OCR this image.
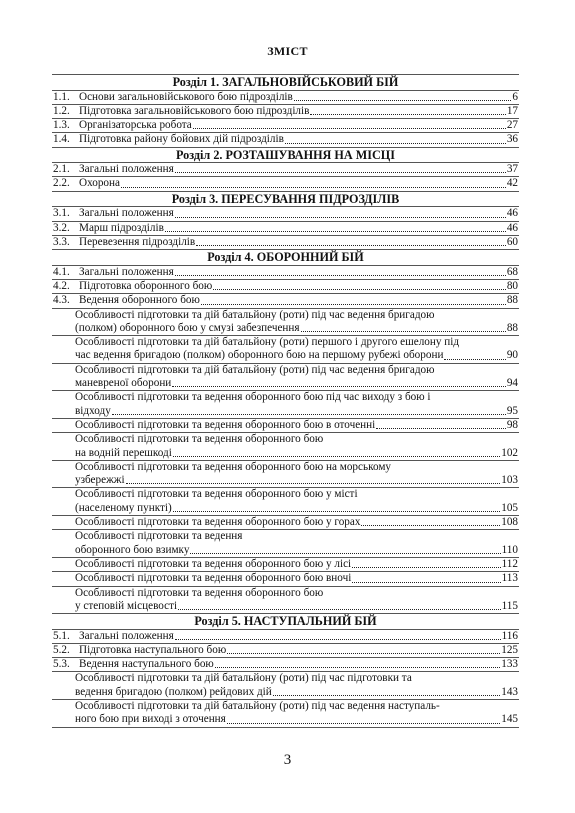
ЗМІСТ
Розділ 1. ЗАГАЛЬНОВІЙСЬКОВИЙ БІЙ

1.1. Основи загальновійськового бою підрозділів	6

1.2. Підготовка загальновійськового бою підрозділів	17

1.3. Організаторська робота	27

1.4. Підготовка району бойових дій підрозділів	36

Розділ 2. РОЗТАШУВАННЯ НА МІСЦІ

2.1. Загальні положення	37

2.2. Охорона	42

Розділ 3. ПЕРЕСУВАННЯ ПІДРОЗДІЛІВ

3.1. Загальні положення	46

3.2. Марш підрозділів	46

3.3. Перевезення підрозділів	60

Розділ 4. ОБОРОННИЙ БІЙ

4.1. Загальні положення	68

4.2. Підготовка оборонного бою	80

4.3. Ведення оборонного бою	88

Особливості підготовки та дій батальйону (роти) під час ведення бригадою
(полком) оборонного бою у смузі забезпечення	88

Особливості підготовки та дій батальйону (роти) першого і другого ешелону під
час ведення бригадою (полком) оборонного бою на першому рубежі оборони	90

Особливості підготовки та дій батальйону (роти) під час ведення бригадою
маневреної оборони	94

Особливості підготовки та ведення оборонного бою під час виходу з бою і
відходу	95

Особливості підготовки та ведення оборонного бою в оточенні	98

Особливості підготовки та ведення оборонного бою
на водній перешкоді	102

Особливості підготовки та ведення оборонного бою на морському
узбережжі	103

Особливості підготовки та ведення оборонного бою у місті
(населеному пункті)	105

Особливості підготовки та ведення оборонного бою у горах	108

Особливості підготовки та ведення
оборонного бою взимку	110

Особливості підготовки та ведення оборонного бою у лісі	112

Особливості підготовки та ведення оборонного бою вночі	113

Особливості підготовки та ведення оборонного бою
у степовій місцевості	115

Розділ 5. НАСТУПАЛЬНИЙ БІЙ

5.1. Загальні положення	116

5.2. Підготовка наступального бою	125

5.3. Ведення наступального бою	133

Особливості підготовки та дій батальйону (роти) під час підготовки та
ведення бригадою (полком) рейдових дій	143

Особливості підготовки та дій батальйону (роти) під час ведення наступаль-
ного бою при виході з оточення	145
3
